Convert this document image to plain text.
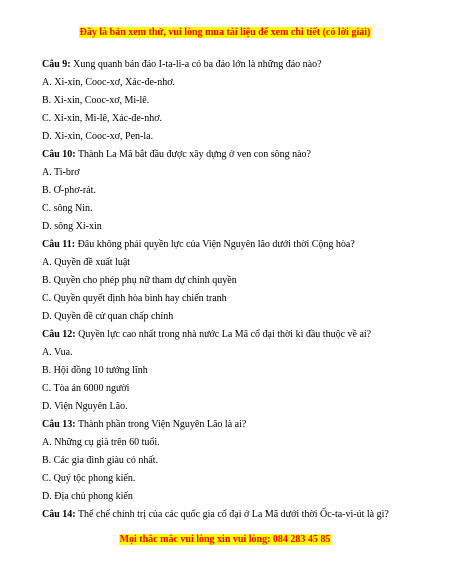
Đây là bản xem thử, vui lòng mua tài liệu để xem chi tiết (có lời giải)

Câu 9: Xung quanh bán đảo I-ta-li-a có ba đảo lớn là những đảo nào?

A. Xi-xin, Cooc-xơ, Xác-đe-nhơ.

B. Xi-xin, Cooc-xơ, Mi-lê.

C. Xi-xin, Mi-lê, Xác-đe-nhơ.

D. Xi-xin, Cooc-xơ, Pen-la.

Câu 10: Thành La Mã bắt đầu được xây dựng ở ven con sông nào?

A. Ti-brơ

B. Ơ-phơ-rát.

C. sông Nin.

D. sông Xi-xin

Câu 11: Đâu không phải quyền lực của Viện Nguyên lão dưới thời Cộng hòa?

A. Quyền đề xuất luật

B. Quyền cho phép phụ nữ tham dự chính quyền

C. Quyền quyết định hòa bình hay chiến tranh

D. Quyền đề cử quan chấp chính

Câu 12: Quyền lực cao nhất trong nhà nước La Mã cổ đại thời kì đầu thuộc về ai?

A. Vua.

B. Hội đồng 10 tướng lĩnh

C. Tòa án 6000 người

D. Viện Nguyên Lão.

Câu 13: Thành phần trong Viện Nguyên Lão là ai?

A. Những cụ già trên 60 tuổi.

B. Các gia đình giàu có nhất.

C. Quý tộc phong kiến.

D. Địa chủ phong kiến

Câu 14: Thể chế chính trị của các quốc gia cổ đại ở La Mã dưới thời Ốc-ta-vi-út là gì?

Mọi thắc mắc vui lòng xin vui lòng: 084 283 45 85
